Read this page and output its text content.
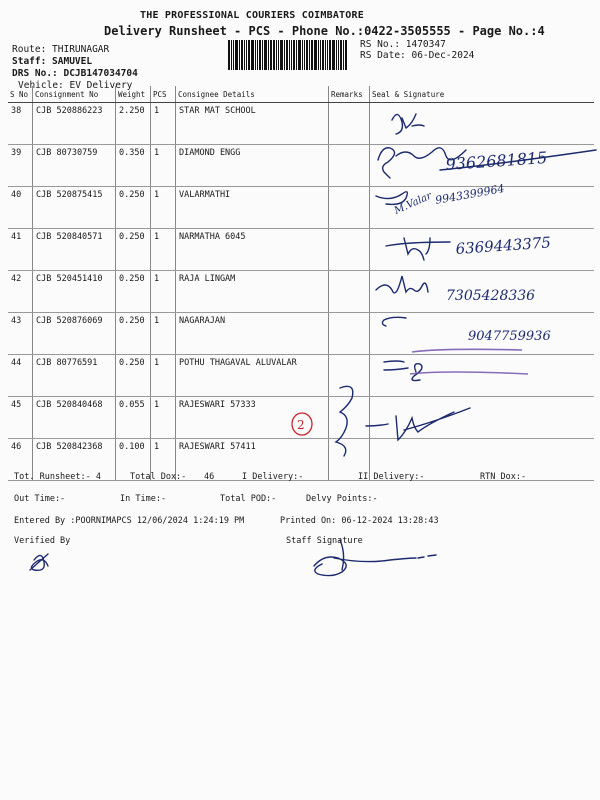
THE PROFESSIONAL COURIERS COIMBATORE
Delivery Runsheet - PCS - Phone No.:0422-3505555 - Page No.:4
Route: THIRUNAGAR
Staff: SAMUVEL
DRS No.: DCJB147034704
Vehicle: EV Delivery
RS No.: 1470347
RS Date: 06-Dec-2024
S No	Consignment No	Weight	PCS	Consignee Details	Remarks	Seal & Signature
38	CJB 520886223	2.250	1	STAR MAT SCHOOL		
39	CJB 80730759	0.350	1	DIAMOND ENGG		
40	CJB 520875415	0.250	1	VALARMATHI		
41	CJB 520840571	0.250	1	NARMATHA 6045		
42	CJB 520451410	0.250	1	RAJA LINGAM		
43	CJB 520876069	0.250	1	NAGARAJAN		
44	CJB 80776591	0.250	1	POTHU THAGAVAL ALUVALAR		
45	CJB 520840468	0.055	1	RAJESWARI 57333		
46	CJB 520842368	0.100	1	RAJESWARI 57411		
9362681815
M.Valar 9943399964
6369443375
7305428336
9047759936
2
Tot. Runsheet:- 4	Total Dox:- 46	I Delivery:-	II Delivery:-	RTN Dox:-
Out Time:-	In Time:-	Total POD:-	Delvy Points:-
Entered By :POORNIMAPCS 12/06/2024 1:24:19 PM	Printed On: 06-12-2024 13:28:43
Verified By	Staff Signature
